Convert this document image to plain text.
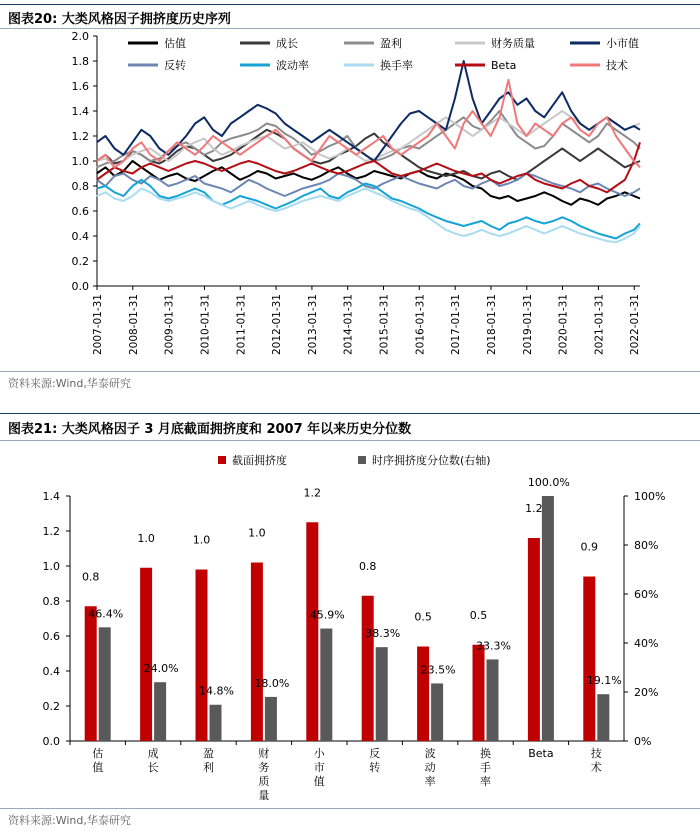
图表20: 大类风格因子拥挤度历史序列
0.0
0.2
0.4
0.6
0.8
1.0
1.2
1.4
1.6
1.8
2.0
2007-01-31 2008-01-31 2009-01-31 2010-01-31 2011-01-31 2012-01-31 2013-01-31 2014-01-31 2015-01-31 2016-01-31 2017-01-31 2018-01-31 2019-01-31 2020-01-31 2021-01-31 2022-01-31
估值	成长	盈利	财务质量	小市值
反转	波动率	换手率	Beta	技术
资料来源:Wind,华泰研究
图表21: 大类风格因子 3 月底截面拥挤度和 2007 年以来历史分位数
0.0
0.2
0.4
0.6
0.8
1.0
1.2
1.4
0%
20%
40%
60%
80%
100%
0.8
46.4%
估值
1.0
24.0%
成长
1.0
14.8%
盈利
1.0
18.0%
财务质量
1.2
45.9%
小市值
0.8
38.3%
反转
0.5
23.5%
波动率
0.5
33.3%
换手率
1.2
100.0%
Beta
0.9
19.1%
技术
截面拥挤度	时序拥挤度分位数(右轴)
资料来源:Wind,华泰研究
